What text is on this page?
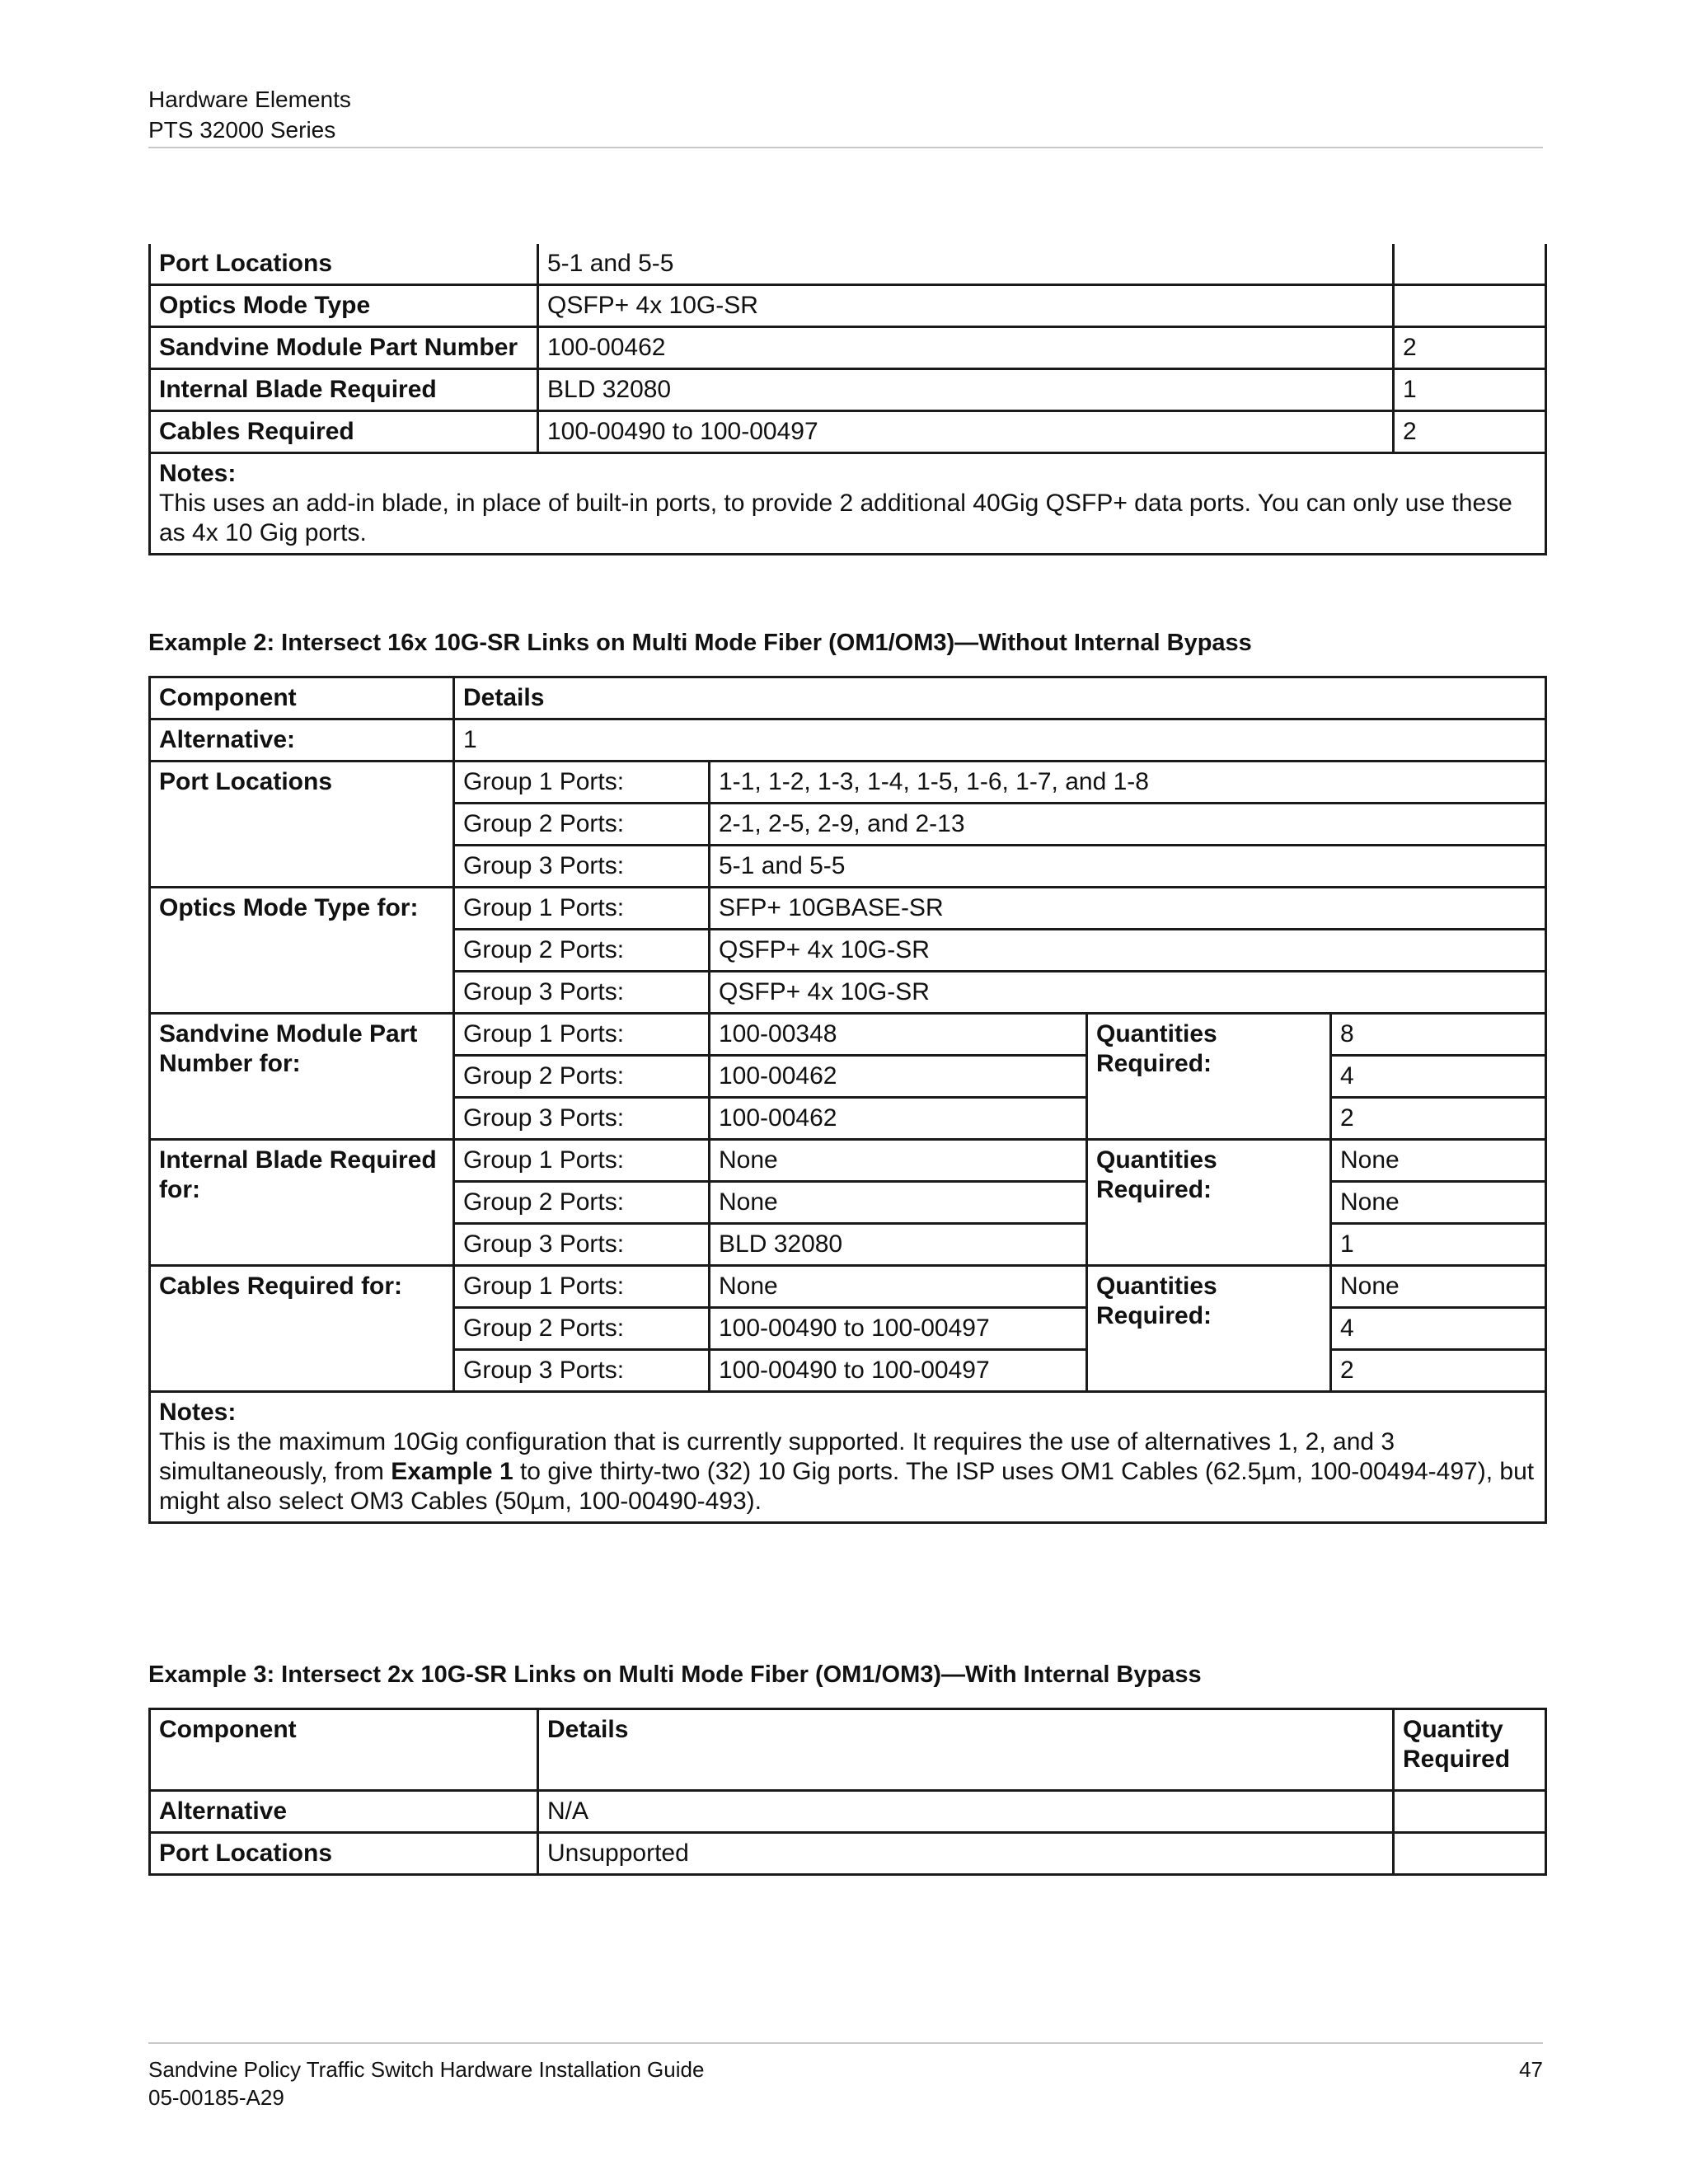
Hardware Elements
PTS 32000 Series
Port Locations	5-1 and 5-5	
Optics Mode Type	QSFP+ 4x 10G-SR	
Sandvine Module Part Number	100-00462	2
Internal Blade Required	BLD 32080	1
Cables Required	100-00490 to 100-00497	2

Notes:
This uses an add-in blade, in place of built-in ports, to provide 2 additional 40Gig QSFP+ data ports. You can only use these as 4x 10 Gig ports.		
Example 2: Intersect 16x 10G-SR Links on Multi Mode Fiber (OM1/OM3)—Without Internal Bypass
Component	Details			
Alternative:	1			
Port Locations	Group 1 Ports:	1-1, 1-2, 1-3, 1-4, 1-5, 1-6, 1-7, and 1-8		
	Group 2 Ports:	2-1, 2-5, 2-9, and 2-13		
	Group 3 Ports:	5-1 and 5-5		
Optics Mode Type for:	Group 1 Ports:	SFP+ 10GBASE-SR		
	Group 2 Ports:	QSFP+ 4x 10G-SR		
	Group 3 Ports:	QSFP+ 4x 10G-SR		
Sandvine Module Part Number for:	Group 1 Ports:	100-00348	Quantities Required:	8
	Group 2 Ports:	100-00462		4
	Group 3 Ports:	100-00462		2
Internal Blade Required for:	Group 1 Ports:	None	Quantities Required:	None
	Group 2 Ports:	None		None
	Group 3 Ports:	BLD 32080		1
Cables Required for:	Group 1 Ports:	None	Quantities Required:	None
	Group 2 Ports:	100-00490 to 100-00497		4
	Group 3 Ports:	100-00490 to 100-00497		2

Notes:
This is the maximum 10Gig configuration that is currently supported. It requires the use of alternatives 1, 2, and 3 simultaneously, from Example 1 to give thirty-two (32) 10 Gig ports. The ISP uses OM1 Cables (62.5µm, 100-00494-497), but might also select OM3 Cables (50µm, 100-00490-493).				
Example 3: Intersect 2x 10G-SR Links on Multi Mode Fiber (OM1/OM3)—With Internal Bypass
Component	Details	Quantity Required
Alternative	N/A	
Port Locations	Unsupported	
Sandvine Policy Traffic Switch Hardware Installation Guide
05-00185-A29
47
